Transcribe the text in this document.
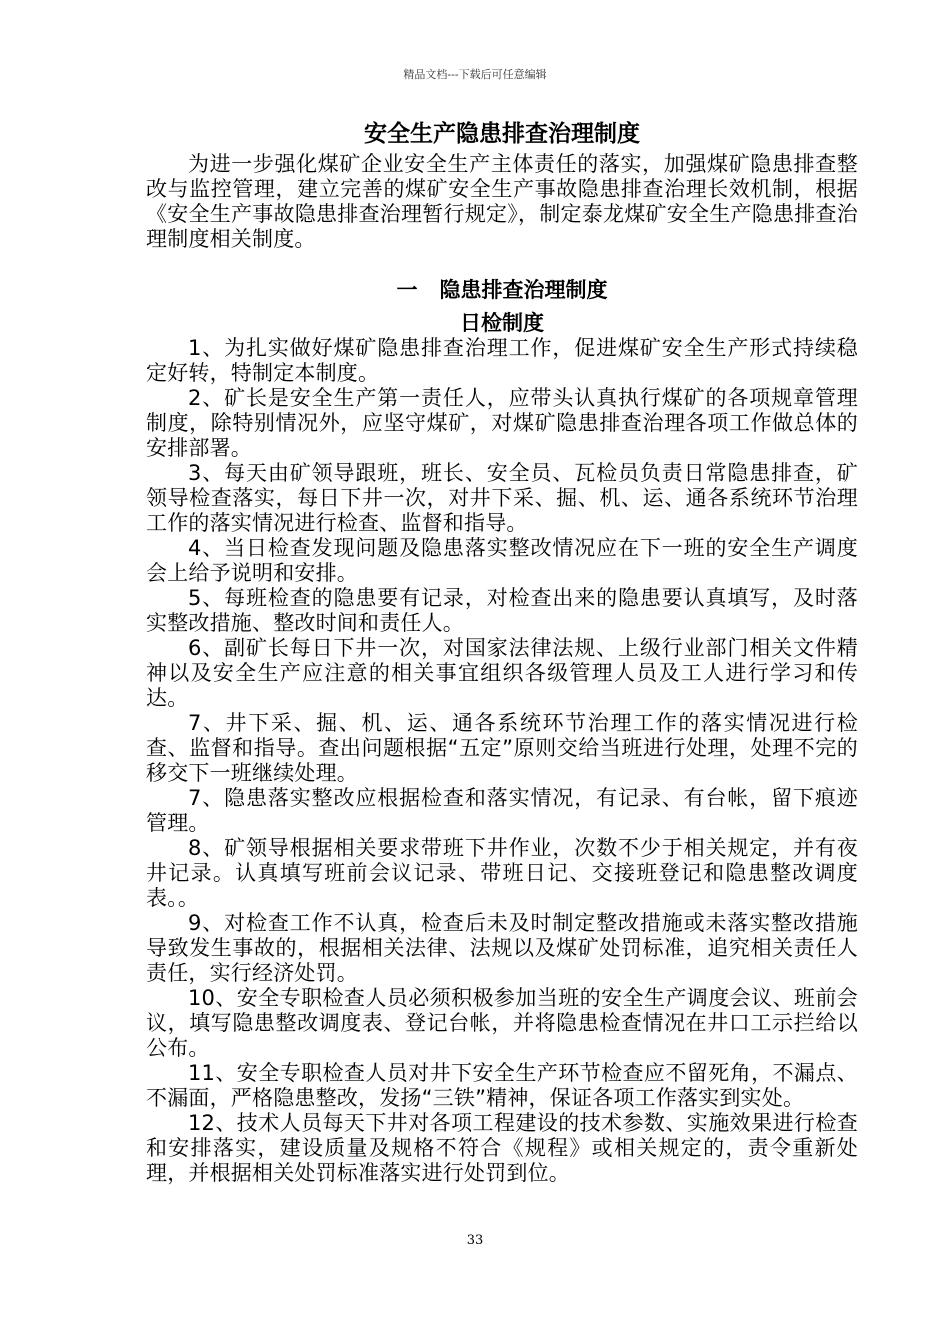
精品文档---下载后可任意编辑
安全生产隐患排查治理制度

为进一步强化煤矿企业安全生产主体责任的落实，加强煤矿隐患排查整改与监控管理，建立完善的煤矿安全生产事故隐患排查治理长效机制，根据《安全生产事故隐患排查治理暂行规定》，制定泰龙煤矿安全生产隐患排查治理制度相关制度。

一   隐患排查治理制度
日检制度

1、为扎实做好煤矿隐患排查治理工作，促进煤矿安全生产形式持续稳定好转，特制定本制度。

2、矿长是安全生产第一责任人，应带头认真执行煤矿的各项规章管理制度，除特别情况外，应坚守煤矿，对煤矿隐患排查治理各项工作做总体的安排部署。

3、每天由矿领导跟班，班长、安全员、瓦检员负责日常隐患排查，矿领导检查落实，每日下井一次，对井下采、掘、机、运、通各系统环节治理工作的落实情况进行检查、监督和指导。

4、当日检查发现问题及隐患落实整改情况应在下一班的安全生产调度会上给予说明和安排。

5、每班检查的隐患要有记录，对检查出来的隐患要认真填写，及时落实整改措施、整改时间和责任人。

6、副矿长每日下井一次，对国家法律法规、上级行业部门相关文件精神以及安全生产应注意的相关事宜组织各级管理人员及工人进行学习和传达。

7、井下采、掘、机、运、通各系统环节治理工作的落实情况进行检查、监督和指导。查出问题根据“五定”原则交给当班进行处理，处理不完的移交下一班继续处理。

7、隐患落实整改应根据检查和落实情况，有记录、有台帐，留下痕迹管理。

8、矿领导根据相关要求带班下井作业，次数不少于相关规定，并有夜井记录。认真填写班前会议记录、带班日记、交接班登记和隐患整改调度表。。

9、对检查工作不认真，检查后未及时制定整改措施或未落实整改措施导致发生事故的，根据相关法律、法规以及煤矿处罚标准，追究相关责任人责任，实行经济处罚。

10、安全专职检查人员必须积极参加当班的安全生产调度会议、班前会议，填写隐患整改调度表、登记台帐，并将隐患检查情况在井口工示拦给以公布。

11、安全专职检查人员对井下安全生产环节检查应不留死角，不漏点、不漏面，严格隐患整改，发扬“三铁”精神，保证各项工作落实到实处。

12、技术人员每天下井对各项工程建设的技术参数、实施效果进行检查和安排落实，建设质量及规格不符合《规程》或相关规定的，责令重新处理，并根据相关处罚标准落实进行处罚到位。

33
